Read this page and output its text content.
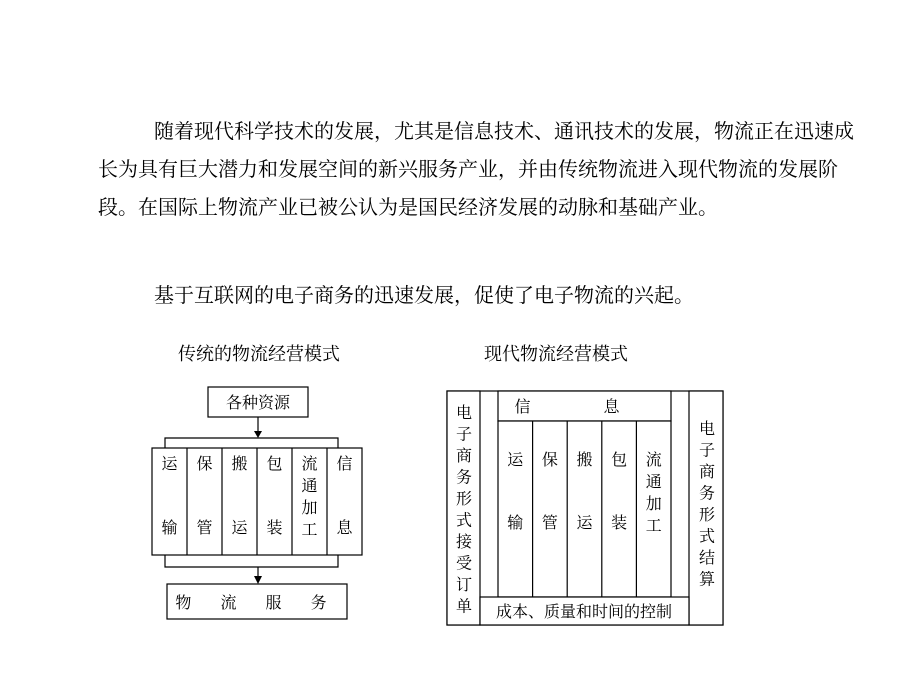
随着现代科学技术的发展，尤其是信息技术、通讯技术的发展，物流正在迅速成长为具有巨大潜力和发展空间的新兴服务产业，并由传统物流进入现代物流的发展阶段。在国际上物流产业已被公认为是国民经济发展的动脉和基础产业。

基于互联网的电子商务的迅速发展，促使了电子物流的兴起。

传统的物流经营模式	现代物流经营模式
各种资源
运
输
保
管
搬
运
包
装
流通加工
信
息
物 流 服 务
电子商务形式接受订单
电子商务形式结算
信 息
运
输
保
管
搬
运
包
装
流通加工
成本、质量和时间的控制
